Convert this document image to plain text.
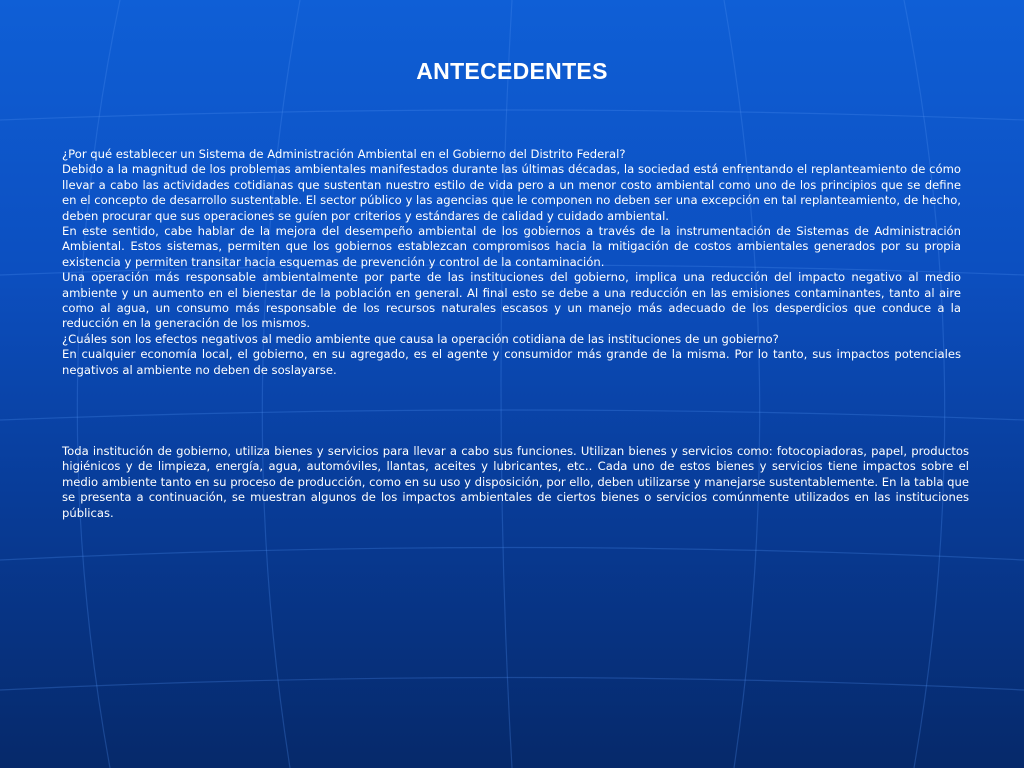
ANTECEDENTES

¿Por qué establecer un Sistema de Administración Ambiental en el Gobierno del Distrito Federal?

Debido a la magnitud de los problemas ambientales manifestados durante las últimas décadas, la sociedad está enfrentando el replanteamiento de cómo llevar a cabo las actividades cotidianas que sustentan nuestro estilo de vida pero a un menor costo ambiental como uno de los principios que se define en el concepto de desarrollo sustentable. El sector público y las agencias que le componen no deben ser una excepción en tal replanteamiento, de hecho, deben procurar que sus operaciones se guíen por criterios y estándares de calidad y cuidado ambiental.

En este sentido, cabe hablar de la mejora del desempeño ambiental de los gobiernos a través de la instrumentación de Sistemas de Administración Ambiental. Estos sistemas, permiten que los gobiernos establezcan compromisos hacia la mitigación de costos ambientales generados por su propia existencia y permiten transitar hacia esquemas de prevención y control de la contaminación.

Una operación más responsable ambientalmente por parte de las instituciones del gobierno, implica una reducción del impacto negativo al medio ambiente y un aumento en el bienestar de la población en general. Al final esto se debe a una reducción en las emisiones contaminantes, tanto al aire como al agua, un consumo más responsable de los recursos naturales escasos y un manejo más adecuado de los desperdicios que conduce a la reducción en la generación de los mismos.

¿Cuáles son los efectos negativos al medio ambiente que causa la operación cotidiana de las instituciones de un gobierno?

En cualquier economía local, el gobierno, en su agregado, es el agente y consumidor más grande de la misma. Por lo tanto, sus impactos potenciales negativos al ambiente no deben de soslayarse.

Toda institución de gobierno, utiliza bienes y servicios para llevar a cabo sus funciones. Utilizan bienes y servicios como: fotocopiadoras, papel, productos higiénicos y de limpieza, energía, agua, automóviles, llantas, aceites y lubricantes, etc.. Cada uno de estos bienes y servicios tiene impactos sobre el medio ambiente tanto en su proceso de producción, como en su uso y disposición, por ello, deben utilizarse y manejarse sustentablemente. En la tabla que se presenta a continuación, se muestran algunos de los impactos ambientales de ciertos bienes o servicios comúnmente utilizados en las instituciones públicas.
